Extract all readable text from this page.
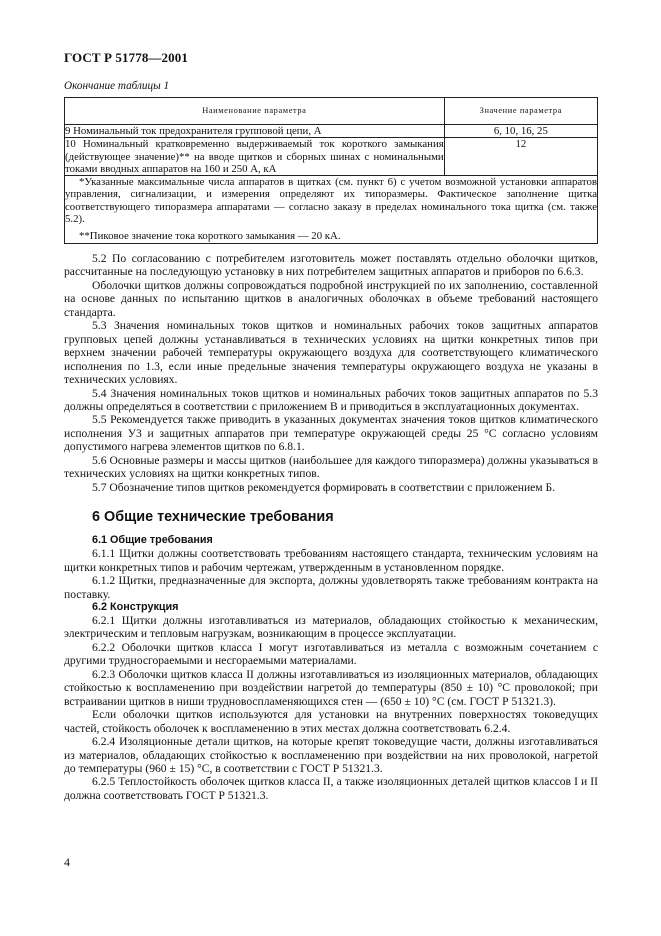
ГОСТ Р 51778—2001
Окончание таблицы 1
Наименование параметра	Значение параметра
9 Номинальный ток предохранителя групповой цепи, А	6, 10, 16, 25
10 Номинальный кратковременно выдерживаемый ток короткого замыкания (действующее значение)** на вводе щитков и сборных шинах с номинальными токами вводных аппаратов на 160 и 250 А, кА	12

*Указанные максимальные числа аппаратов в щитках (см. пункт 6) с учетом возможной установки аппаратов управления, сигнализации, и измерения определяют их типоразмеры. Фактическое заполнение щитка соответствующего типоразмера аппаратами — согласно заказу в пределах номинального тока щитка (см. также 5.2).

**Пиковое значение тока короткого замыкания — 20 кА.	

5.2 По согласованию с потребителем изготовитель может поставлять отдельно оболочки щитков, рассчитанные на последующую установку в них потребителем защитных аппаратов и приборов по 6.6.3.

Оболочки щитков должны сопровождаться подробной инструкцией по их заполнению, составленной на основе данных по испытанию щитков в аналогичных оболочках в объеме требований настоящего стандарта.

5.3 Значения номинальных токов щитков и номинальных рабочих токов защитных аппаратов групповых цепей должны устанавливаться в технических условиях на щитки конкретных типов при верхнем значении рабочей температуры окружающего воздуха для соответствующего климатического исполнения по 1.3, если иные предельные значения температуры окружающего воздуха не указаны в технических условиях.

5.4 Значения номинальных токов щитков и номинальных рабочих токов защитных аппаратов по 5.3 должны определяться в соответствии с приложением В и приводиться в эксплуатационных документах.

5.5 Рекомендуется также приводить в указанных документах значения токов щитков климатического исполнения У3 и защитных аппаратов при температуре окружающей среды 25 °С согласно условиям допустимого нагрева элементов щитков по 6.8.1.

5.6 Основные размеры и массы щитков (наибольшее для каждого типоразмера) должны указываться в технических условиях на щитки конкретных типов.

5.7 Обозначение типов щитков рекомендуется формировать в соответствии с приложением Б.

6 Общие технические требования
6.1 Общие требования

6.1.1 Щитки должны соответствовать требованиям настоящего стандарта, техническим условиям на щитки конкретных типов и рабочим чертежам, утвержденным в установленном порядке.

6.1.2 Щитки, предназначенные для экспорта, должны удовлетворять также требованиям контракта на поставку.

6.2 Конструкция

6.2.1 Щитки должны изготавливаться из материалов, обладающих стойкостью к механическим, электрическим и тепловым нагрузкам, возникающим в процессе эксплуатации.

6.2.2 Оболочки щитков класса I могут изготавливаться из металла с возможным сочетанием с другими трудносгораемыми и несгораемыми материалами.

6.2.3 Оболочки щитков класса II должны изготавливаться из изоляционных материалов, обладающих стойкостью к воспламенению при воздействии нагретой до температуры (850 ± 10) °С проволокой; при встраивании щитков в ниши трудновоспламеняющихся стен — (650 ± 10) °С (см. ГОСТ Р 51321.3).

Если оболочки щитков используются для установки на внутренних поверхностях токоведущих частей, стойкость оболочек к воспламенению в этих местах должна соответствовать 6.2.4.

6.2.4 Изоляционные детали щитков, на которые крепят токоведущие части, должны изготавливаться из материалов, обладающих стойкостью к воспламенению при воздействии на них проволокой, нагретой до температуры (960 ± 15) °С, в соответствии с ГОСТ Р 51321.3.

6.2.5 Теплостойкость оболочек щитков класса II, а также изоляционных деталей щитков классов I и II должна соответствовать ГОСТ Р 51321.3.

4
